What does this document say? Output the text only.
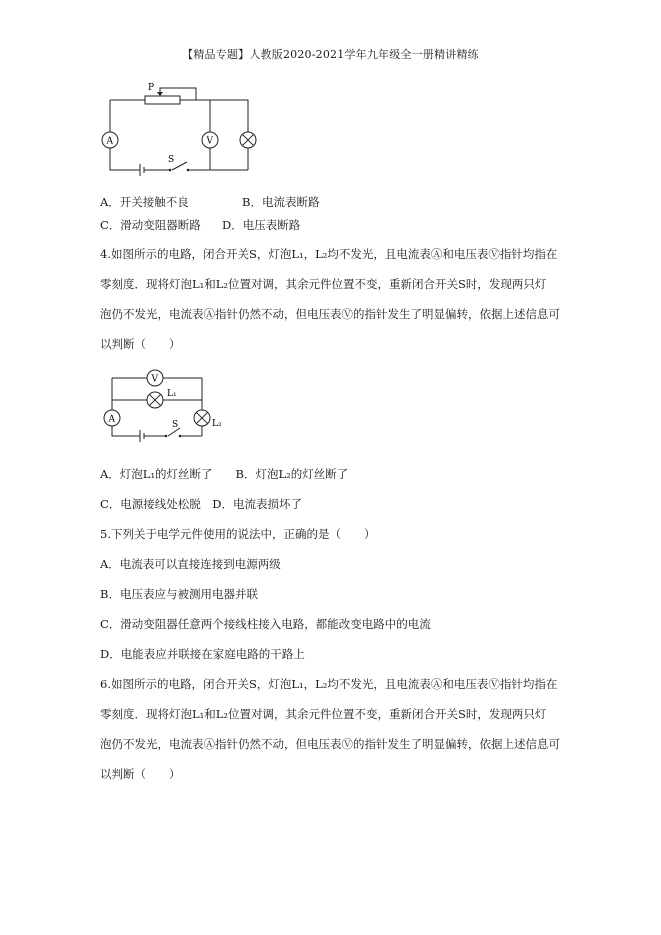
【精品专题】人教版2020-2021学年九年级全一册精讲精练
P
A	V
S
A．开关接触不良	B．电流表断路
C．滑动变阻器断路 D．电压表断路
4.如图所示的电路，闭合开关S，灯泡L₁，L₂均不发光，且电流表Ⓐ和电压表Ⓥ指针均指在
零刻度．现将灯泡L₁和L₂位置对调，其余元件位置不变，重新闭合开关S时，发现两只灯
泡仍不发光，电流表Ⓐ指针仍然不动，但电压表Ⓥ的指针发生了明显偏转，依据上述信息可
以判断（　　）
V
A
L₁
L₂
S
A．灯泡L₁的灯丝断了　　B．灯泡L₂的灯丝断了
C．电源接线处松脱　D．电流表损坏了
5.下列关于电学元件使用的说法中，正确的是（　　）
A．电流表可以直接连接到电源两级
B．电压表应与被测用电器并联
C．滑动变阻器任意两个接线柱接入电路，都能改变电路中的电流
D．电能表应并联接在家庭电路的干路上
6.如图所示的电路，闭合开关S，灯泡L₁，L₂均不发光，且电流表Ⓐ和电压表Ⓥ指针均指在
零刻度．现将灯泡L₁和L₂位置对调，其余元件位置不变，重新闭合开关S时，发现两只灯
泡仍不发光，电流表Ⓐ指针仍然不动，但电压表Ⓥ的指针发生了明显偏转，依据上述信息可
以判断（　　）
